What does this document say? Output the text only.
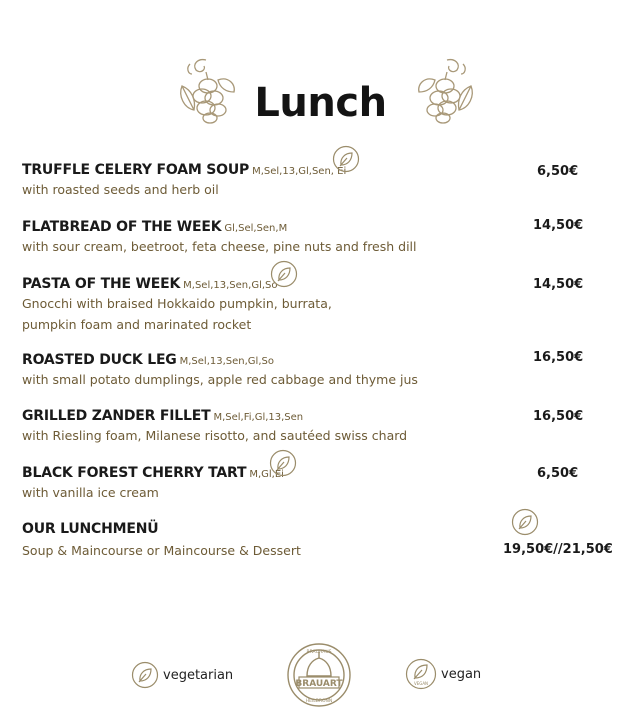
Lunch
TRUFFLE CELERY FOAM SOUP M,Sel,13,Gl,Sen, Ei
with roasted seeds and herb oil
6,50€
FLATBREAD OF THE WEEK Gl,Sel,Sen,M
with sour cream, beetroot, feta cheese, pine nuts and fresh dill
14,50€
PASTA OF THE WEEK M,Sel,13,Sen,Gl,So
Gnocchi with braised Hokkaido pumpkin, burrata,
pumpkin foam and marinated rocket
14,50€
ROASTED DUCK LEG M,Sel,13,Sen,Gl,So
with small potato dumplings, apple red cabbage and thyme jus
16,50€
GRILLED ZANDER FILLET M,Sel,Fi,Gl,13,Sen
with Riesling foam, Milanese risotto, and sautéed swiss chard
16,50€
BLACK FOREST CHERRY TART M,Gl,Ei
with vanilla ice cream
6,50€
OUR LUNCHMENÜ
Soup & Maincourse or Maincourse & Dessert	19,50€//21,50€
vegetarian
BRAUART
BRAUHAUS
HEILBRONN
VEGAN
vegan
